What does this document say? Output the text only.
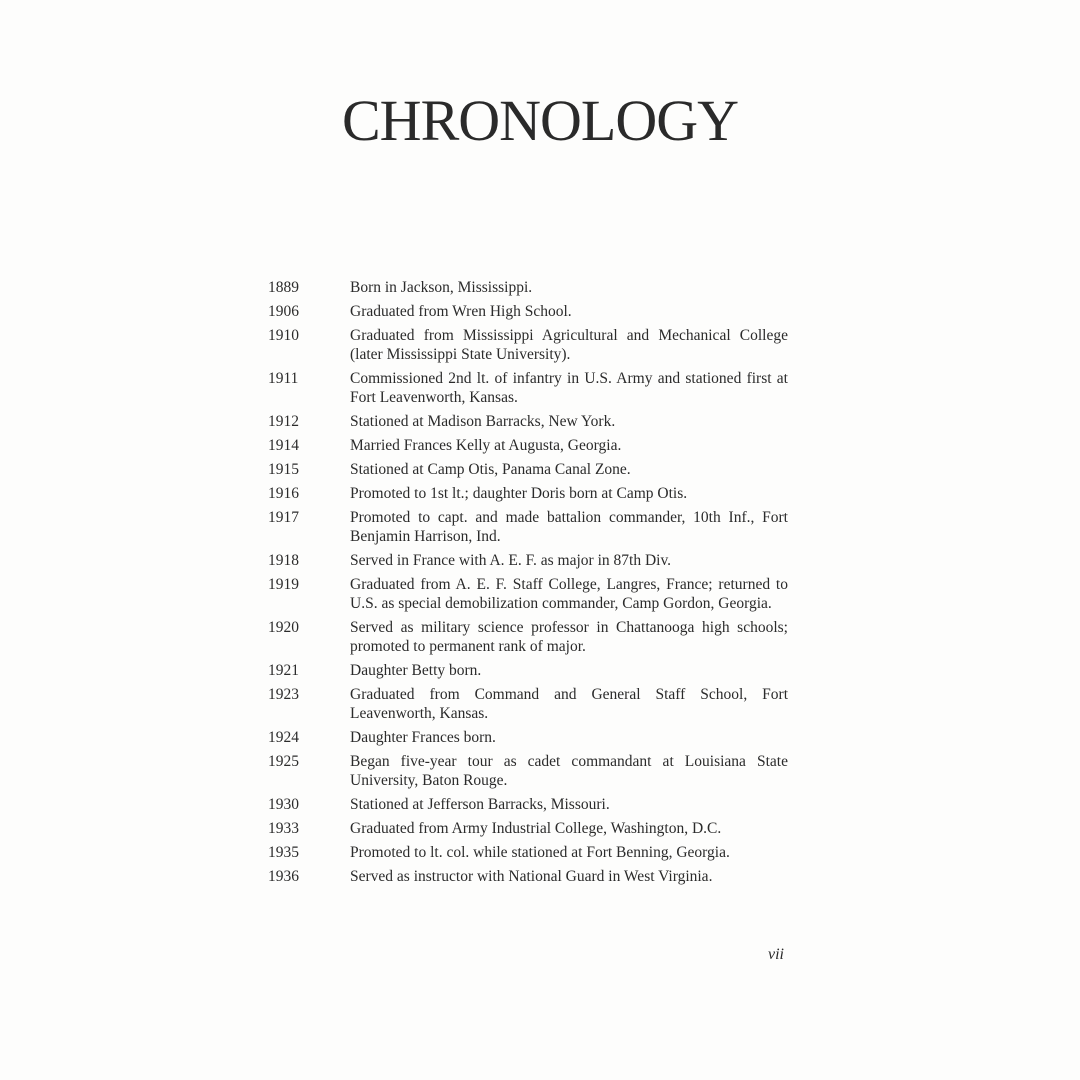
CHRONOLOGY
1889	Born in Jackson, Mississippi.
1906	Graduated from Wren High School.
1910	Graduated from Mississippi Agricultural and Mechanical College (later Mississippi State University).
1911	Commissioned 2nd lt. of infantry in U.S. Army and stationed first at Fort Leavenworth, Kansas.
1912	Stationed at Madison Barracks, New York.
1914	Married Frances Kelly at Augusta, Georgia.
1915	Stationed at Camp Otis, Panama Canal Zone.
1916	Promoted to 1st lt.; daughter Doris born at Camp Otis.
1917	Promoted to capt. and made battalion commander, 10th Inf., Fort Benjamin Harrison, Ind.
1918	Served in France with A. E. F. as major in 87th Div.
1919	Graduated from A. E. F. Staff College, Langres, France; returned to U.S. as special demobilization commander, Camp Gordon, Georgia.
1920	Served as military science professor in Chattanooga high schools; promoted to permanent rank of major.
1921	Daughter Betty born.
1923	Graduated from Command and General Staff School, Fort Leavenworth, Kansas.
1924	Daughter Frances born.
1925	Began five-year tour as cadet commandant at Louisiana State University, Baton Rouge.
1930	Stationed at Jefferson Barracks, Missouri.
1933	Graduated from Army Industrial College, Washington, D.C.
1935	Promoted to lt. col. while stationed at Fort Benning, Georgia.
1936	Served as instructor with National Guard in West Virginia.
vii
